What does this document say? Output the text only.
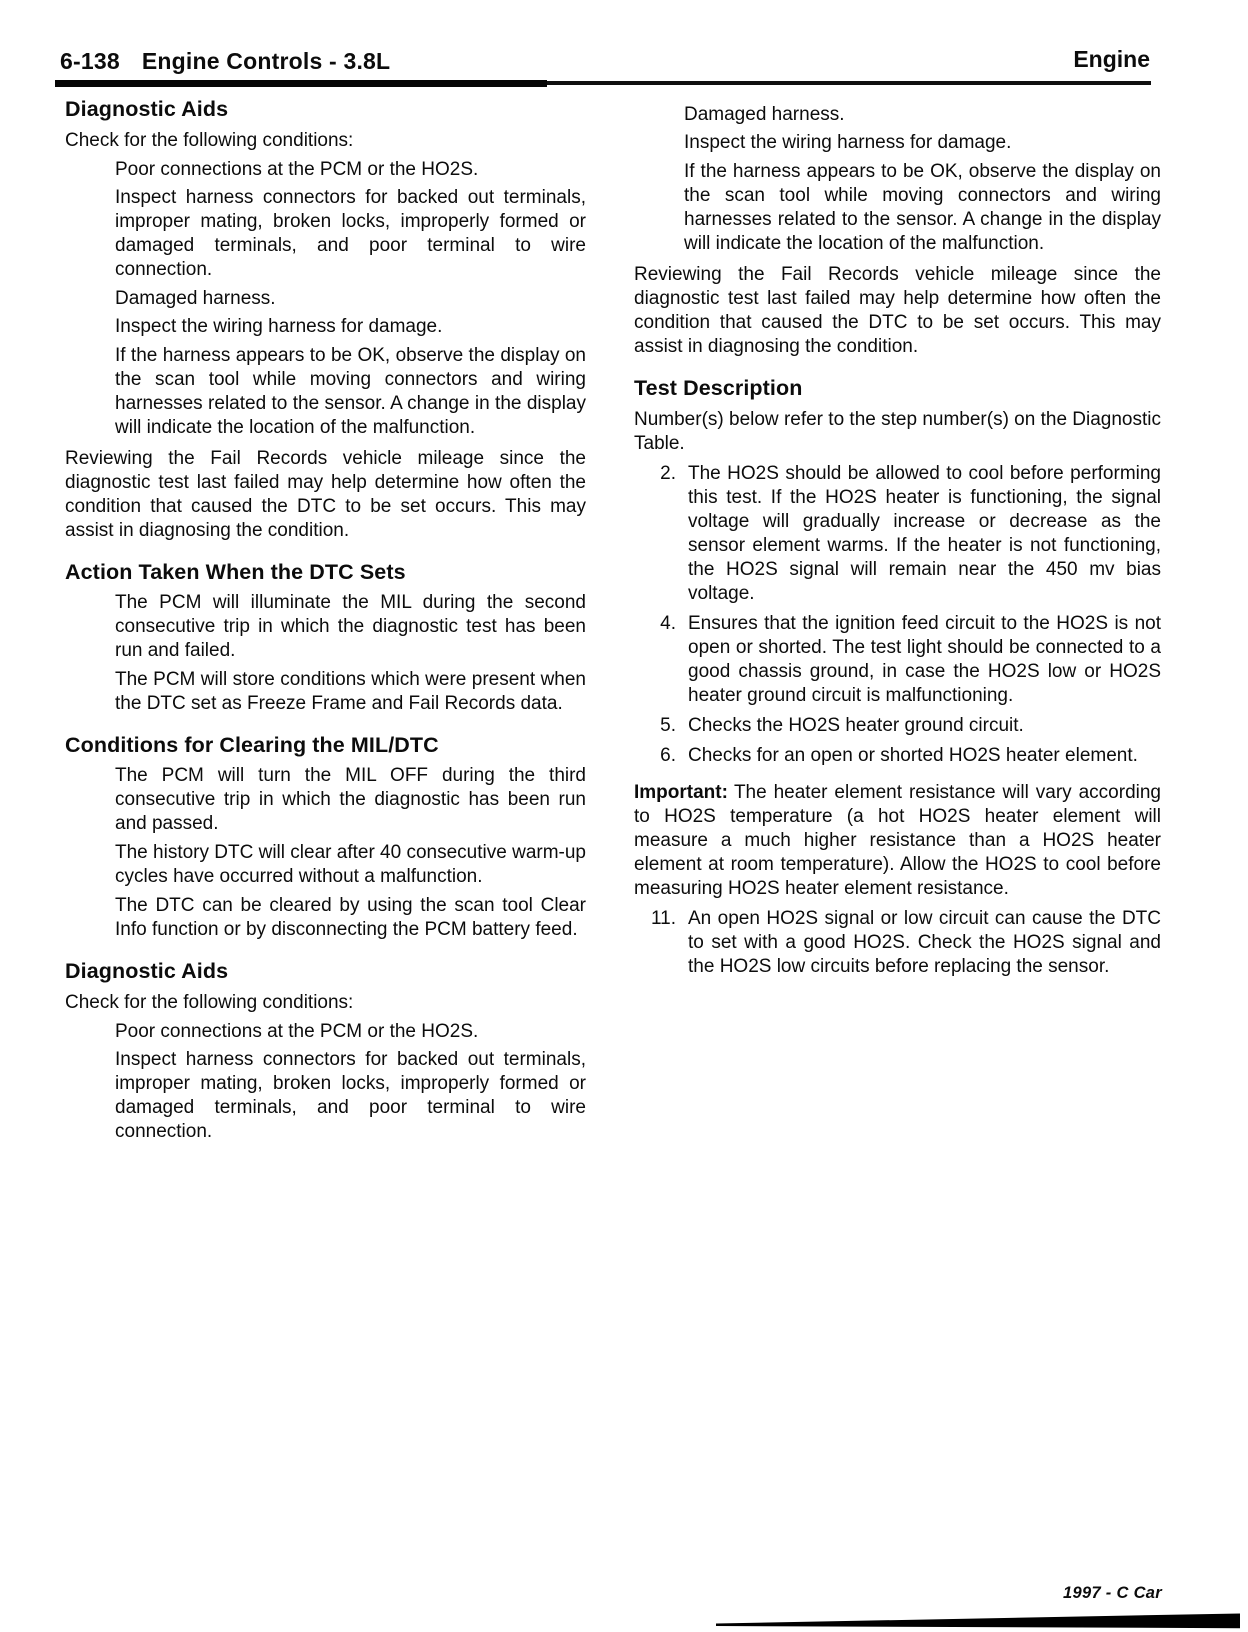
6-138 Engine Controls - 3.8L	Engine
Diagnostic Aids

Check for the following conditions:

Poor connections at the PCM or the HO2S.

Inspect harness connectors for backed out terminals, improper mating, broken locks, improperly formed or damaged terminals, and poor terminal to wire connection.

Damaged harness.

Inspect the wiring harness for damage.

If the harness appears to be OK, observe the display on the scan tool while moving connectors and wiring harnesses related to the sensor. A change in the display will indicate the location of the malfunction.

Reviewing the Fail Records vehicle mileage since the diagnostic test last failed may help determine how often the condition that caused the DTC to be set occurs. This may assist in diagnosing the condition.

Action Taken When the DTC Sets

The PCM will illuminate the MIL during the second consecutive trip in which the diagnostic test has been run and failed.

The PCM will store conditions which were present when the DTC set as Freeze Frame and Fail Records data.

Conditions for Clearing the MIL/DTC

The PCM will turn the MIL OFF during the third consecutive trip in which the diagnostic has been run and passed.

The history DTC will clear after 40 consecutive warm-up cycles have occurred without a malfunction.

The DTC can be cleared by using the scan tool Clear Info function or by disconnecting the PCM battery feed.

Diagnostic Aids

Check for the following conditions:

Poor connections at the PCM or the HO2S.

Inspect harness connectors for backed out terminals, improper mating, broken locks, improperly formed or damaged terminals, and poor terminal to wire connection.

Damaged harness.

Inspect the wiring harness for damage.

If the harness appears to be OK, observe the display on the scan tool while moving connectors and wiring harnesses related to the sensor. A change in the display will indicate the location of the malfunction.

Reviewing the Fail Records vehicle mileage since the diagnostic test last failed may help determine how often the condition that caused the DTC to be set occurs. This may assist in diagnosing the condition.

Test Description

Number(s) below refer to the step number(s) on the Diagnostic Table.

2. The HO2S should be allowed to cool before performing this test. If the HO2S heater is functioning, the signal voltage will gradually increase or decrease as the sensor element warms. If the heater is not functioning, the HO2S signal will remain near the 450 mv bias voltage.

4. Ensures that the ignition feed circuit to the HO2S is not open or shorted. The test light should be connected to a good chassis ground, in case the HO2S low or HO2S heater ground circuit is malfunctioning.

5. Checks the HO2S heater ground circuit.

6. Checks for an open or shorted HO2S heater element.

Important: The heater element resistance will vary according to HO2S temperature (a hot HO2S heater element will measure a much higher resistance than a HO2S heater element at room temperature). Allow the HO2S to cool before measuring HO2S heater element resistance.

11. An open HO2S signal or low circuit can cause the DTC to set with a good HO2S. Check the HO2S signal and the HO2S low circuits before replacing the sensor.

1997 - C Car
